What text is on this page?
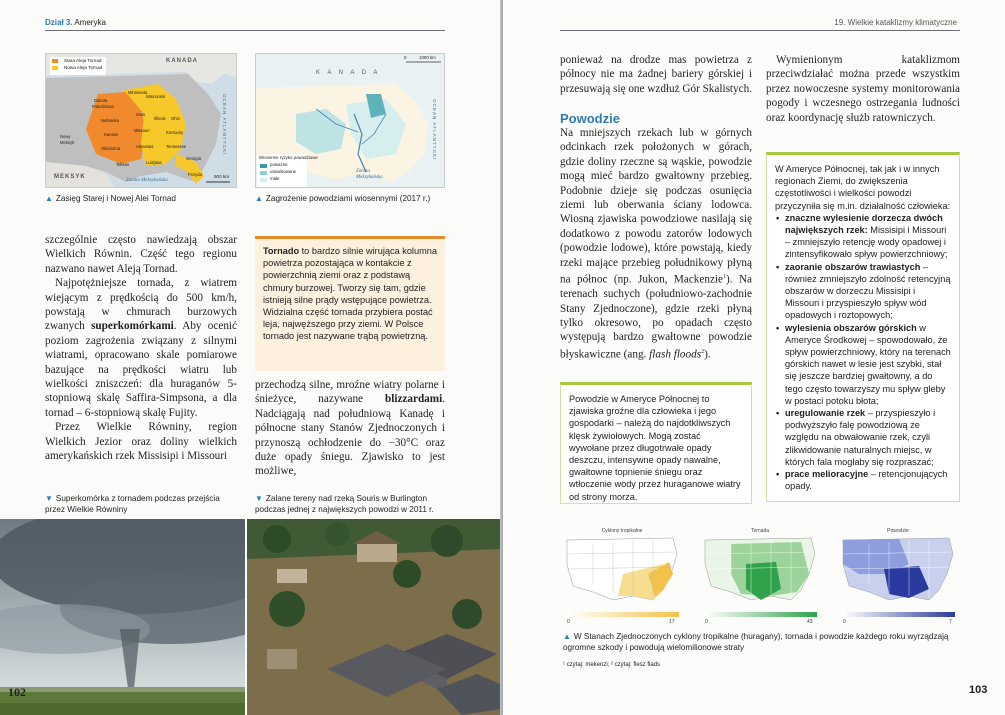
Dział 3. Ameryka
Dakota
Południowa
Wisconsin
Minnesota
Nebraska
Iowa
Illinois Ohio
Kansas
Missouri	Kentucky
Oklahoma	Arkansas	Tennessee
Teksas	Luizjana
Georgia
Floryda
Nowy
Meksyk
Stara Aleja Tornad
Nowa Aleja Tornad
KANADA
MEKSYK
OCEAN ATLANTYCKI
Zatoka Meksykańska
500 km
▲ Zasięg Starej i Nowej Alei Tornad
K A N A D A
OCEAN ATLANTYCKI
Zatoka Meksykańska
Wiosenne ryzyko powodziowe
poważne
umiarkowane
małe
0	1000 km
▲ Zagrożenie powodziami wiosennymi (2017 r.)

szczególnie często nawiedzają obszar Wielkich Równin. Część tego regionu nazwano nawet Aleją Tornad.

Najpotężniejsze tornada, z wiatrem wiejącym z prędkością do 500 km/h, powstają w chmurach burzowych zwanych superkomórkami. Aby ocenić poziom zagrożenia związany z silnymi wiatrami, opracowano skale pomiarowe bazujące na prędkości wiatru lub wielkości zniszczeń: dla huraganów 5-stopniową skalę Saffira-Simpsona, a dla tornad – 6-stopniową skalę Fujity.

Przez Wielkie Równiny, region Wielkich Jezior oraz doliny wielkich amerykańskich rzek Missisipi i Missouri

Tornado to bardzo silnie wirująca kolumna powietrza pozostająca w kontakcie z powierzchnią ziemi oraz z podstawą chmury burzowej. Tworzy się tam, gdzie istnieją silne prądy wstępujące powietrza. Widzialna część tornada przybiera postać leja, najwęższego przy ziemi. W Polsce tornado jest nazywane trąbą powietrzną.

przechodzą silne, mroźne wiatry polarne i śnieżyce, nazywane blizzardami. Nadciągają nad południową Kanadę i północne stany Stanów Zjednoczonych i przynoszą ochłodzenie do −30°C oraz duże opady śniegu. Zjawisko to jest możliwe,

▼ Superkomórka z tornadem podczas przejścia przez Wielkie Równiny
▼ Zalane tereny nad rzeką Souris w Burlington podczas jednej z największych powodzi w 2011 r.
102
19. Wielkie kataklizmy klimatyczne

ponieważ na drodze mas powietrza z północy nie ma żadnej bariery górskiej i przesuwają się one wzdłuż Gór Skalistych.

Powodzie

Na mniejszych rzekach lub w górnych odcinkach rzek położonych w górach, gdzie doliny rzeczne są wąskie, powodzie mogą mieć bardzo gwałtowny przebieg. Podobnie dzieje się podczas osunięcia ziemi lub oberwania ściany lodowca. Wiosną zjawiska powodziowe nasilają się dodatkowo z powodu zatorów lodowych (powodzie lodowe), które powstają, kiedy rzeki mające przebieg południkowy płyną na północ (np. Jukon, Mackenzie$^1$). Na terenach suchych (południowo-zachodnie Stany Zjednoczone), gdzie rzeki płyną tylko okresowo, po opadach często występują bardzo gwałtowne powodzie błyskawiczne (ang. flash floods$^2$).

Wymienionym kataklizmom przeciwdziałać można przede wszystkim przez nowoczesne systemy monitorowania pogody i wczesnego ostrzegania ludności oraz koordynację służb ratowniczych.

Powodzie w Ameryce Północnej to zjawiska groźne dla człowieka i jego gospodarki – należą do najdotkliwszych klęsk żywiołowych. Mogą zostać wywołane przez długotrwałe opady deszczu, intensywne opady nawalne, gwałtowne topnienie śniegu oraz wtłoczenie wody przez huraganowe wiatry od strony morza.

W Ameryce Północnej, tak jak i w innych regionach Ziemi, do zwiększenia częstotliwości i wielkości powodzi przyczyniła się m.in. działalność człowieka:

• znaczne wylesienie dorzecza dwóch największych rzek: Missisipi i Missouri – zmniejszyło retencję wody opadowej i zintensyfikowało spływ powierzchniowy;
• zaoranie obszarów trawiastych – również zmniejszyło zdolność retencyjną obszarów w dorzeczu Missisipi i Missouri i przyspieszyło spływ wód opadowych i roztopowych;
• wylesienia obszarów górskich w Ameryce Środkowej – spowodowało, że spływ powierzchniowy, który na terenach górskich nawet w lesie jest szybki, stał się jeszcze bardziej gwałtowny, a do tego często towarzyszy mu spływ gleby w postaci potoku błota;
• uregulowanie rzek – przyspieszyło i podwyższyło falę powodziową ze względu na obwałowanie rzek, czyli zlikwidowanie naturalnych miejsc, w których fala mogłaby się rozpraszać;
• prace melioracyjne – retencjonujących opady.
Cyklony tropikalne
0	17
Tornada
0	43
Powodzie
0	7
▲ W Stanach Zjednoczonych cyklony tropikalne (huragany), tornada i powodzie każdego roku wyrządzają ogromne szkody i powodują wielomilionowe straty
¹ czytaj: mekenzi; ² czytaj: flesz flads
103
